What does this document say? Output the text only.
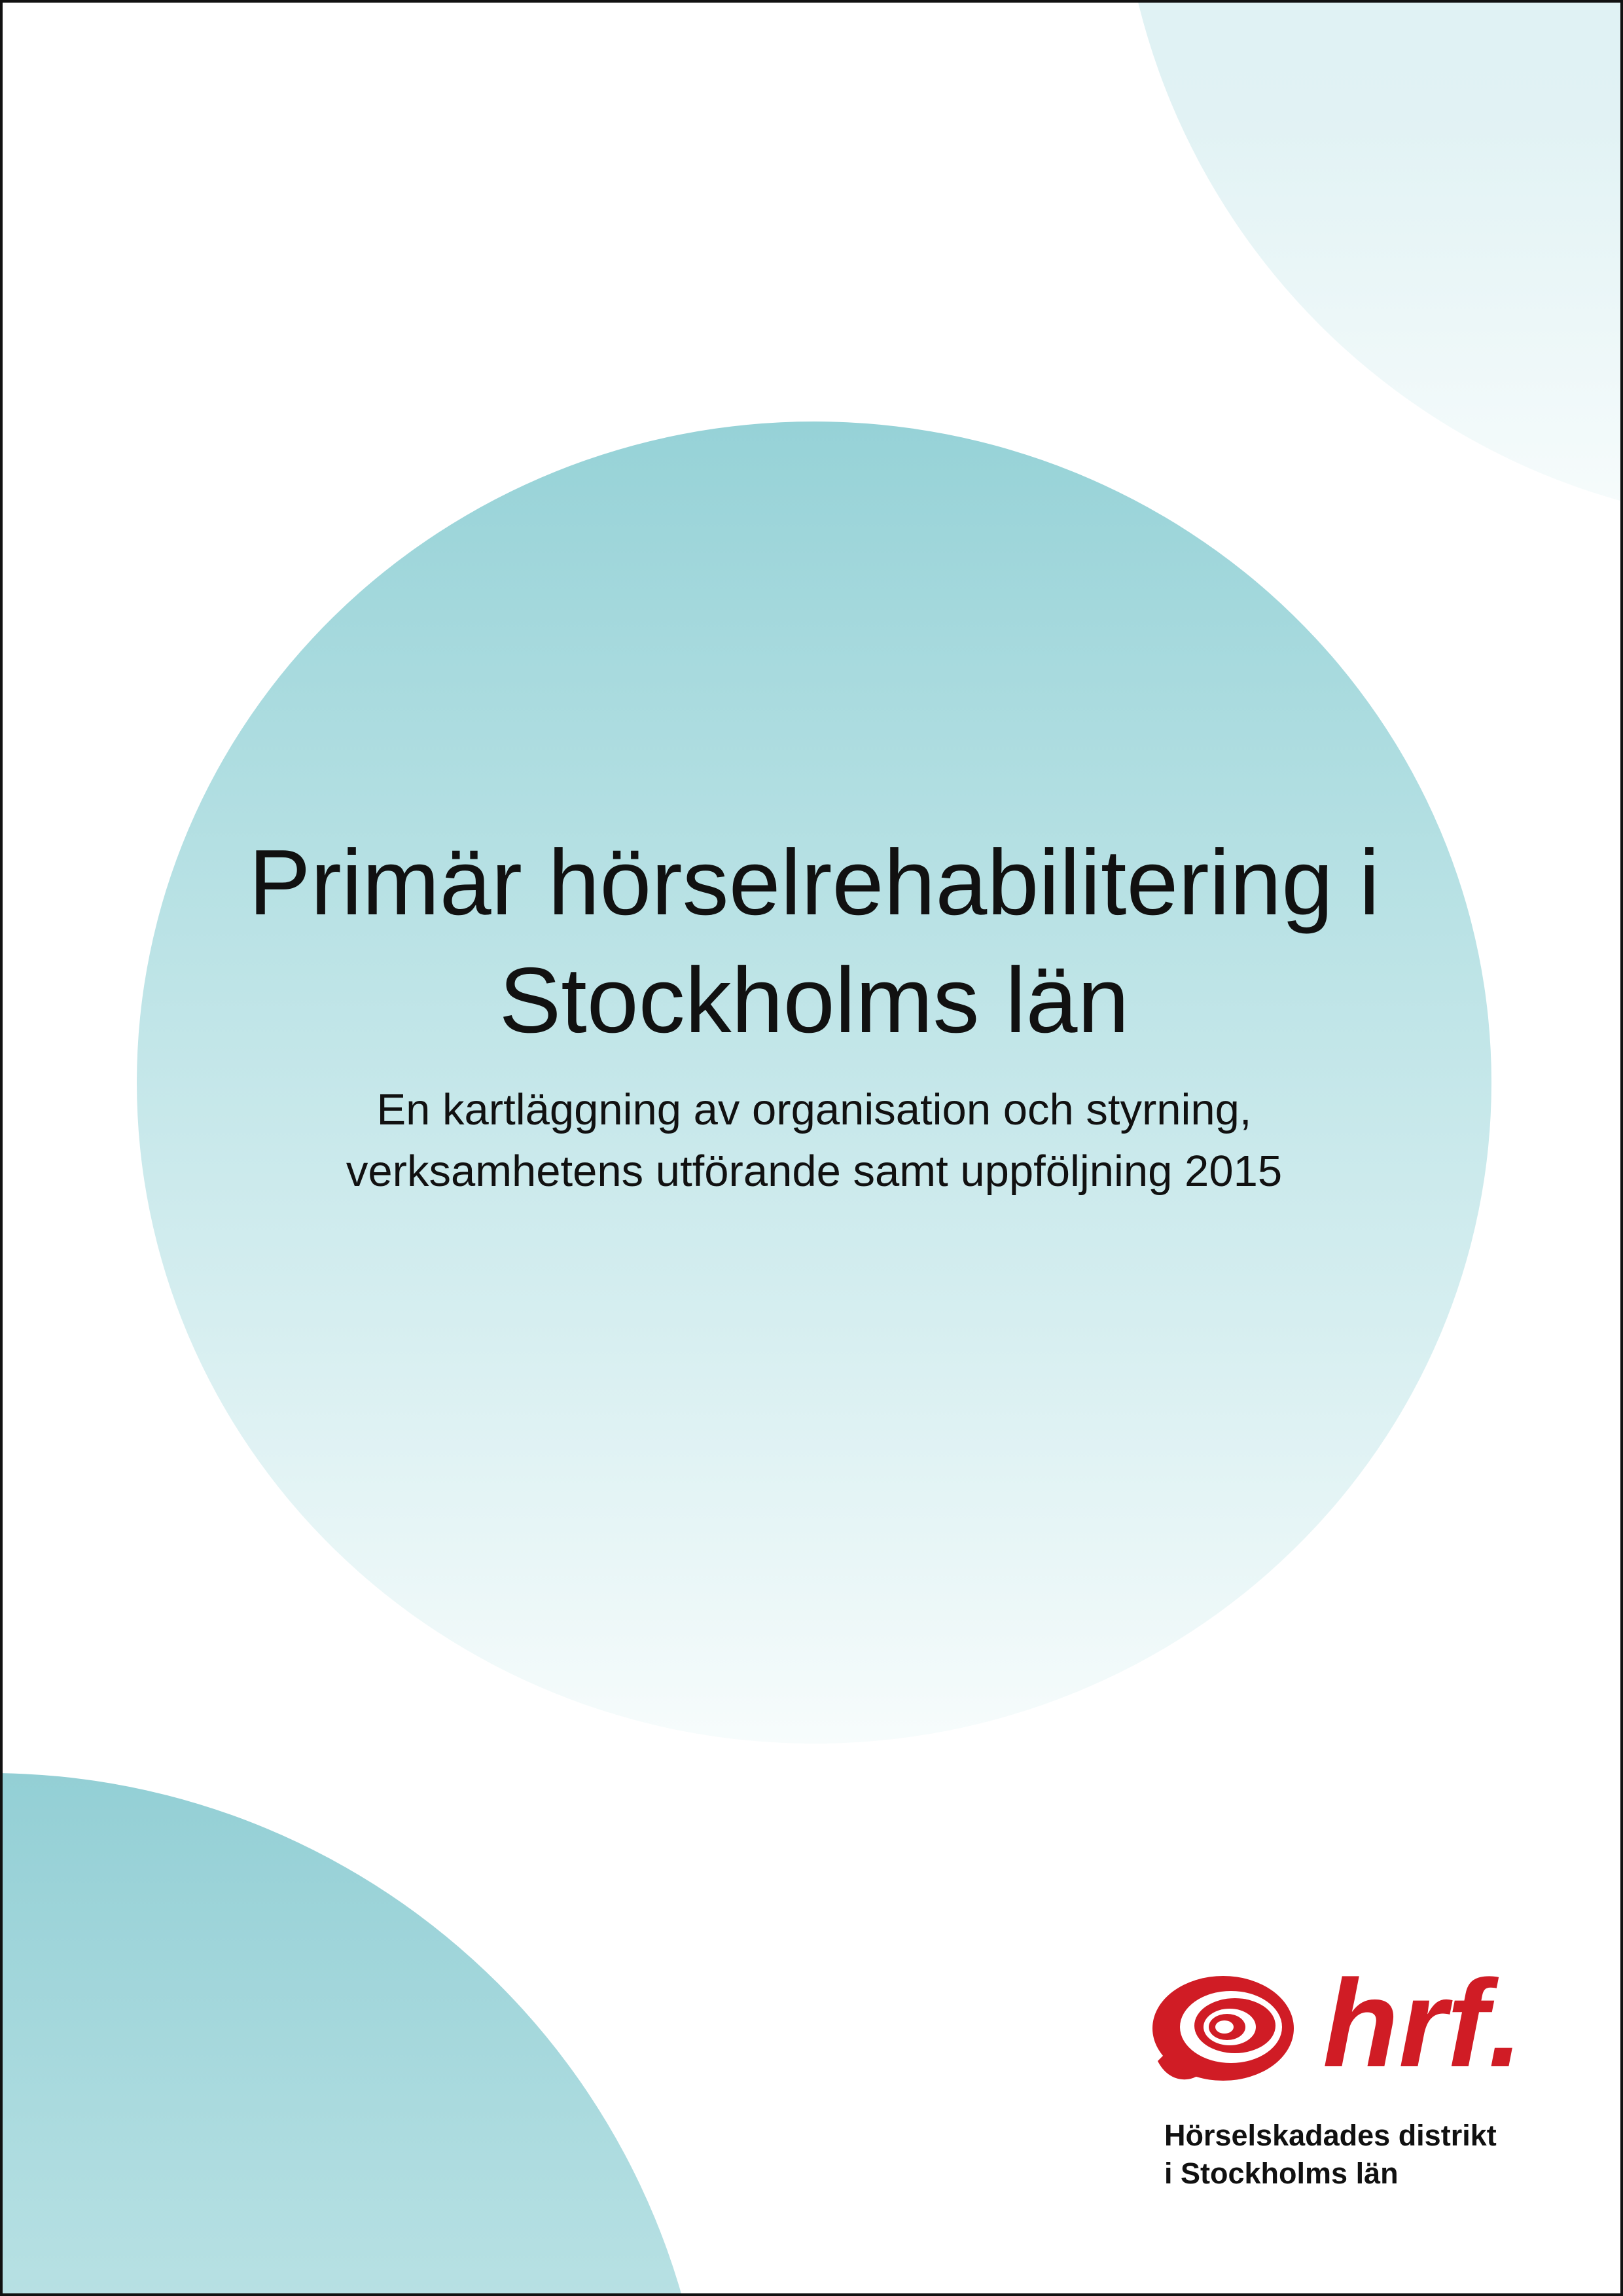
Primär hörselrehabilitering i
Stockholms län

En kartläggning av organisation och styrning,
verksamhetens utförande samt uppföljning 2015

hrf.
Hörselskadades distrikt
i Stockholms län
